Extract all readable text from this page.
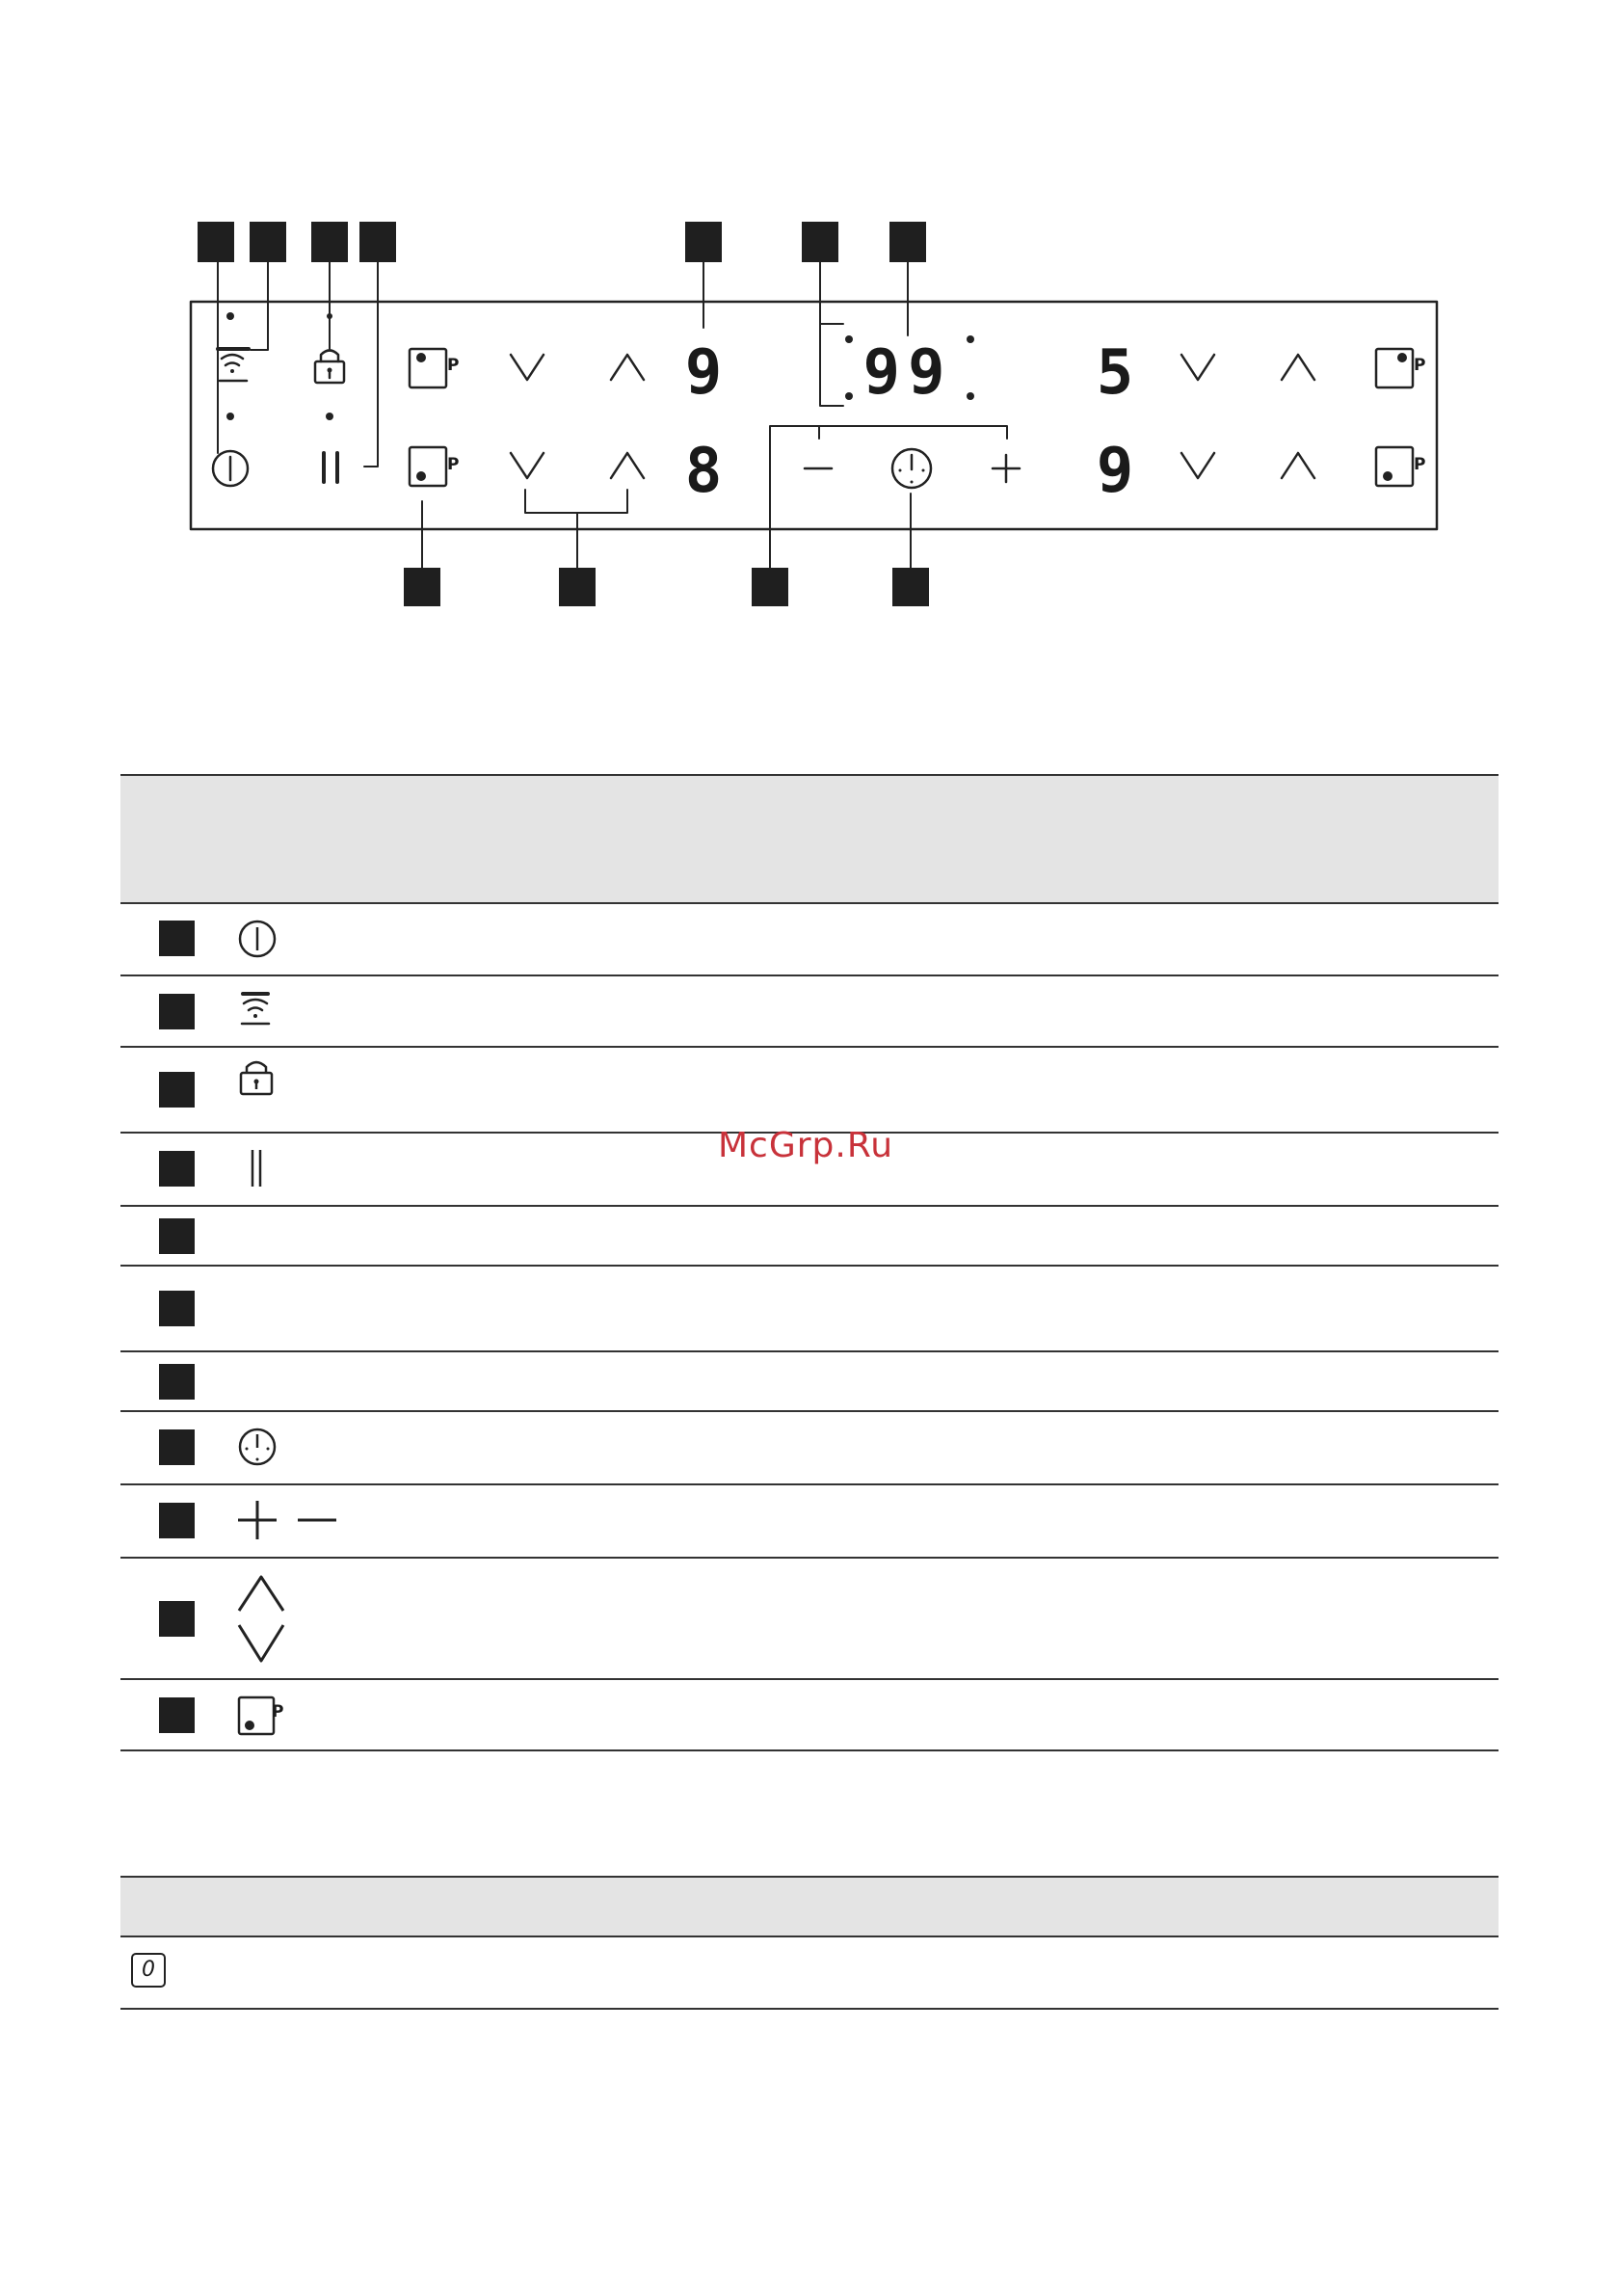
9
8
99 5
9
P
P
P
P
P
McGrp.Ru
0
